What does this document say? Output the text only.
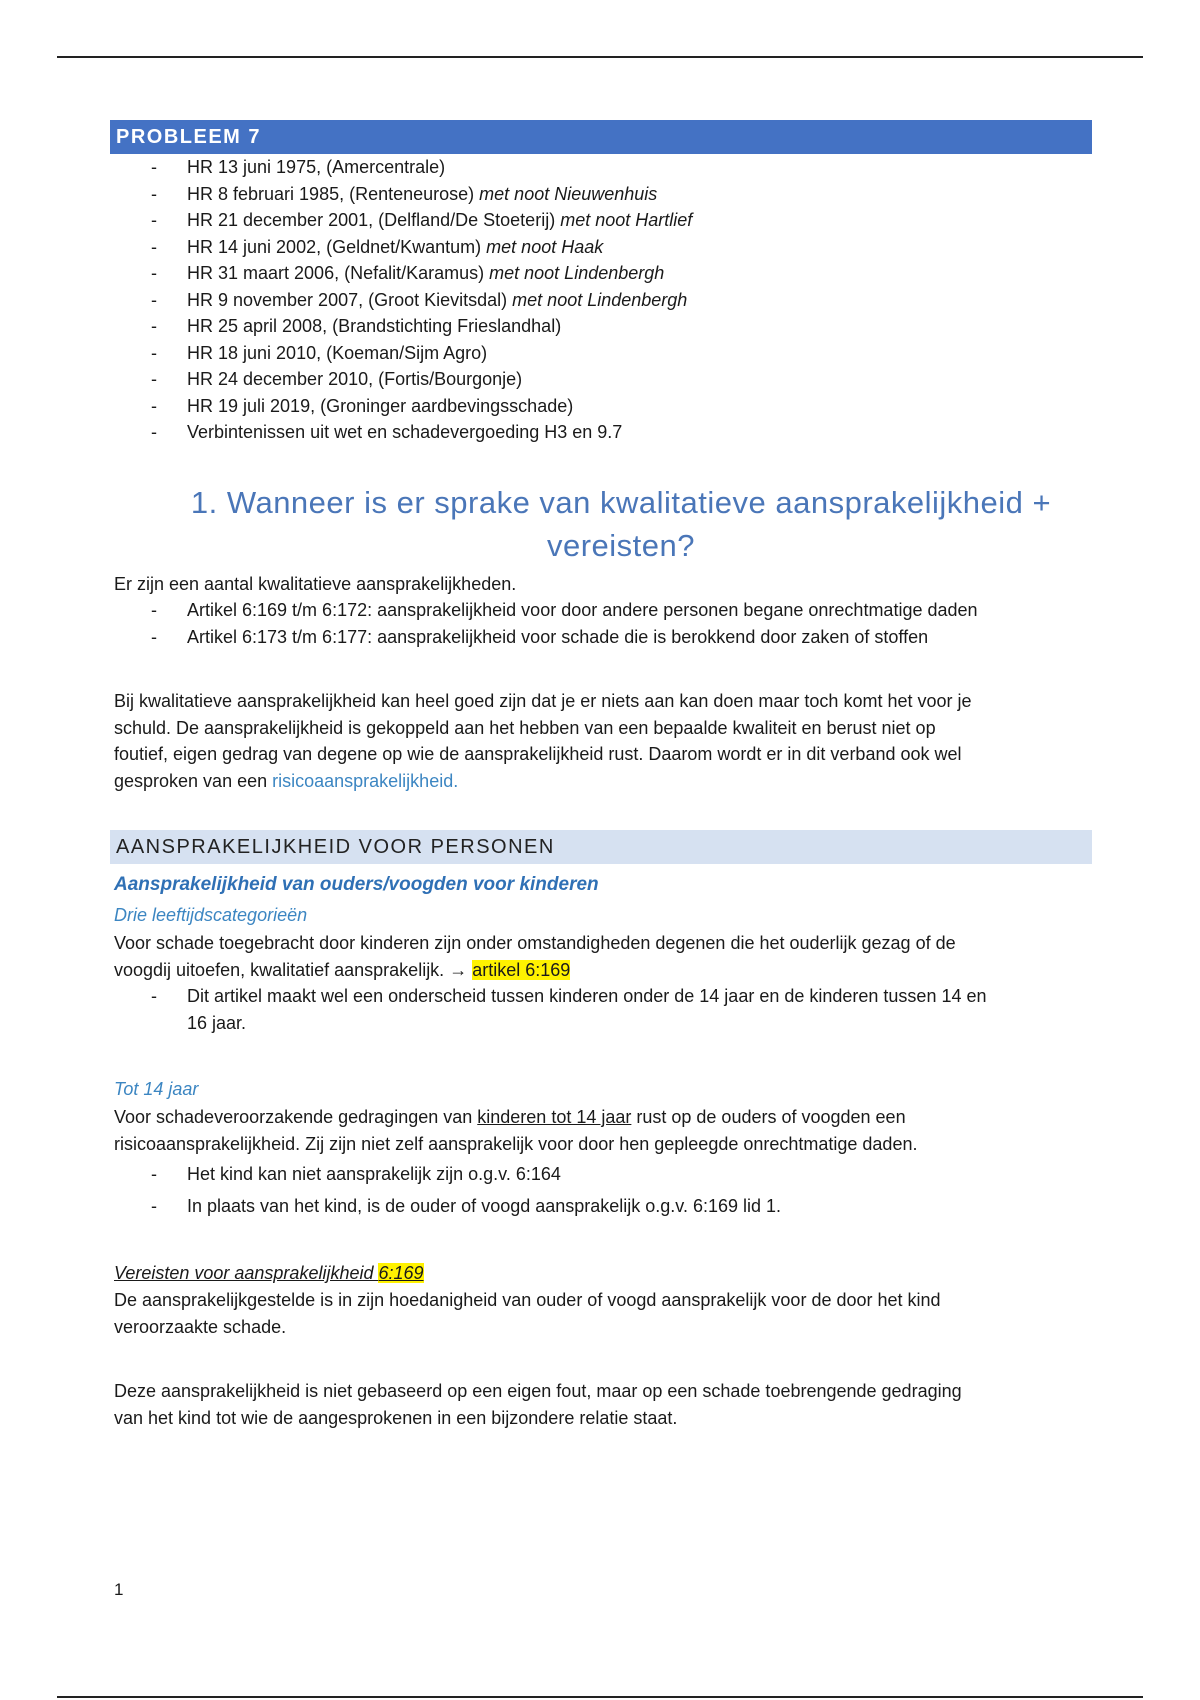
PROBLEEM 7
- HR 13 juni 1975, (Amercentrale)
- HR 8 februari 1985, (Renteneurose) met noot Nieuwenhuis
- HR 21 december 2001, (Delfland/De Stoeterij) met noot Hartlief
- HR 14 juni 2002, (Geldnet/Kwantum) met noot Haak
- HR 31 maart 2006, (Nefalit/Karamus) met noot Lindenbergh
- HR 9 november 2007, (Groot Kievitsdal) met noot Lindenbergh
- HR 25 april 2008, (Brandstichting Frieslandhal)
- HR 18 juni 2010, (Koeman/Sijm Agro)
- HR 24 december 2010, (Fortis/Bourgonje)
- HR 19 juli 2019, (Groninger aardbevingsschade)
- Verbintenissen uit wet en schadevergoeding H3 en 9.7
1. Wanneer is er sprake van kwalitatieve aansprakelijkheid +
vereisten?

Er zijn een aantal kwalitatieve aansprakelijkheden.

- Artikel 6:169 t/m 6:172: aansprakelijkheid voor door andere personen begane onrechtmatige daden
- Artikel 6:173 t/m 6:177: aansprakelijkheid voor schade die is berokkend door zaken of stoffen

Bij kwalitatieve aansprakelijkheid kan heel goed zijn dat je er niets aan kan doen maar toch komt het voor je
schuld. De aansprakelijkheid is gekoppeld aan het hebben van een bepaalde kwaliteit en berust niet op
foutief, eigen gedrag van degene op wie de aansprakelijkheid rust. Daarom wordt er in dit verband ook wel
gesproken van een risicoaansprakelijkheid.

AANSPRAKELIJKHEID VOOR PERSONEN
Aansprakelijkheid van ouders/voogden voor kinderen
Drie leeftijdscategorieën

Voor schade toegebracht door kinderen zijn onder omstandigheden degenen die het ouderlijk gezag of de
voogdij uitoefen, kwalitatief aansprakelijk. → artikel 6:169

- Dit artikel maakt wel een onderscheid tussen kinderen onder de 14 jaar en de kinderen tussen 14 en
16 jaar.
Tot 14 jaar

Voor schadeveroorzakende gedragingen van kinderen tot 14 jaar rust op de ouders of voogden een
risicoaansprakelijkheid. Zij zijn niet zelf aansprakelijk voor door hen gepleegde onrechtmatige daden.

- Het kind kan niet aansprakelijk zijn o.g.v. 6:164
- In plaats van het kind, is de ouder of voogd aansprakelijk o.g.v. 6:169 lid 1.
Vereisten voor aansprakelijkheid 6:169

De aansprakelijkgestelde is in zijn hoedanigheid van ouder of voogd aansprakelijk voor de door het kind
veroorzaakte schade.

Deze aansprakelijkheid is niet gebaseerd op een eigen fout, maar op een schade toebrengende gedraging
van het kind tot wie de aangesprokenen in een bijzondere relatie staat.

1
